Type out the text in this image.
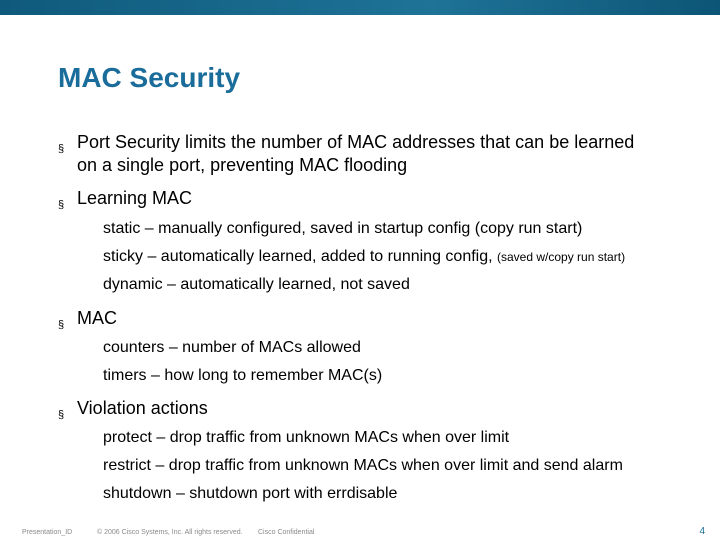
MAC Security
§ Port Security limits the number of MAC addresses that can be learned
on a single port, preventing MAC flooding
§ Learning MAC
static – manually configured, saved in startup config (copy run start)
sticky – automatically learned, added to running config, (saved w/copy run start)
dynamic – automatically learned, not saved
§ MAC
counters – number of MACs allowed
timers – how long to remember MAC(s)
§ Violation actions
protect – drop traffic from unknown MACs when over limit
restrict – drop traffic from unknown MACs when over limit and send alarm
shutdown – shutdown port with errdisable
Presentation_ID	© 2006 Cisco Systems, Inc. All rights reserved. Cisco Confidential	4
